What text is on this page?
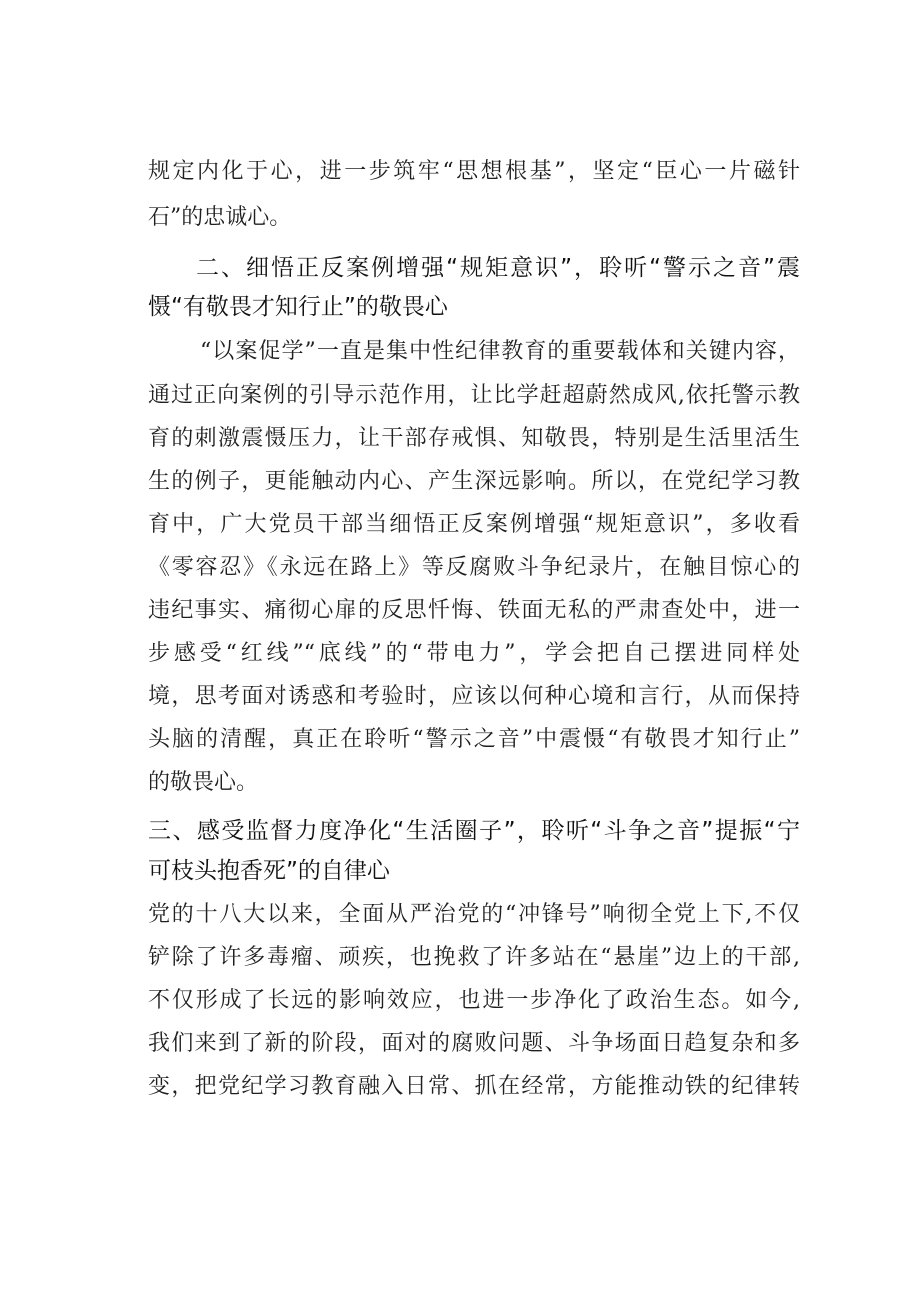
规定内化于心，进一步筑牢“思想根基”，坚定“臣心一片磁针
石”的忠诚心。
二、细悟正反案例增强“规矩意识”，聆听“警示之音”震
慑“有敬畏才知行止”的敬畏心
“以案促学”一直是集中性纪律教育的重要载体和关键内容，
通过正向案例的引导示范作用，让比学赶超蔚然成风,依托警示教
育的刺激震慑压力，让干部存戒惧、知敬畏，特别是生活里活生
生的例子，更能触动内心、产生深远影响。所以，在党纪学习教
育中，广大党员干部当细悟正反案例增强“规矩意识”，多收看
《零容忍》《永远在路上》等反腐败斗争纪录片，在触目惊心的
违纪事实、痛彻心扉的反思忏悔、铁面无私的严肃查处中，进一
步感受“红线”“底线”的“带电力”，学会把自己摆进同样处
境，思考面对诱惑和考验时，应该以何种心境和言行，从而保持
头脑的清醒，真正在聆听“警示之音”中震慑“有敬畏才知行止”
的敬畏心。
三、感受监督力度净化“生活圈子”，聆听“斗争之音”提振“宁
可枝头抱香死”的自律心
党的十八大以来，全面从严治党的“冲锋号”响彻全党上下,不仅
铲除了许多毒瘤、顽疾，也挽救了许多站在“悬崖”边上的干部,
不仅形成了长远的影响效应，也进一步净化了政治生态。如今,
我们来到了新的阶段，面对的腐败问题、斗争场面日趋复杂和多
变，把党纪学习教育融入日常、抓在经常，方能推动铁的纪律转
